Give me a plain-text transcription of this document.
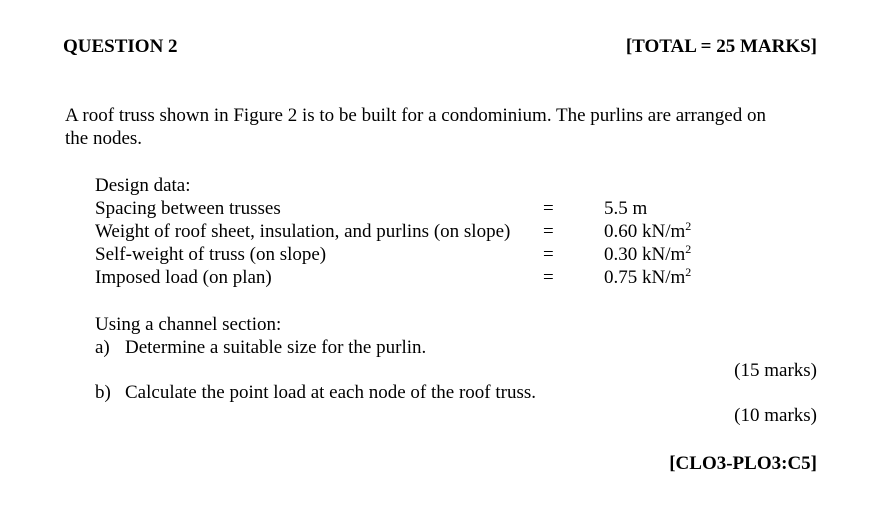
QUESTION 2	[TOTAL = 25 MARKS]
A roof truss shown in Figure 2 is to be built for a condominium. The purlins are arranged on
the nodes.
Design data:
Spacing between trusses	=	5.5 m
Weight of roof sheet, insulation, and purlins (on slope) =	0.60 $kN/m^2$
Self-weight of truss (on slope)	=	0.30 $kN/m^2$
Imposed load (on plan)	=	0.75 $kN/m^2$
Using a channel section:
a) Determine a suitable size for the purlin.
(15 marks)
b) Calculate the point load at each node of the roof truss.
(10 marks)
[CLO3-PLO3:C5]
